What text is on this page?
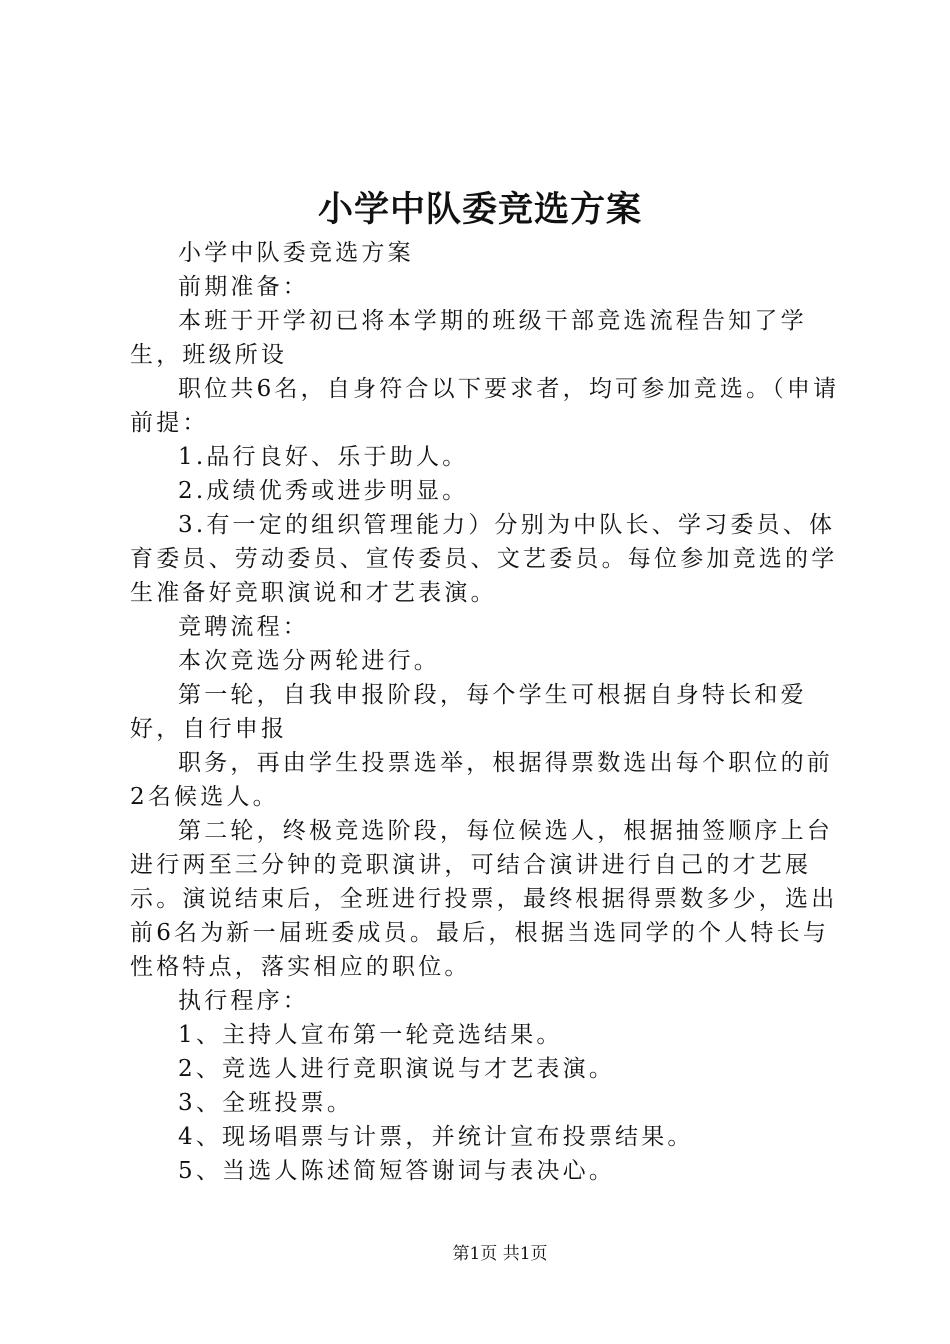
小学中队委竞选方案

小学中队委竞选方案

前期准备：

本班于开学初已将本学期的班级干部竞选流程告知了学生，班级所设

职位共6名，自身符合以下要求者，均可参加竞选。（申请前提：

1.品行良好、乐于助人。

2.成绩优秀或进步明显。

3.有一定的组织管理能力）分别为中队长、学习委员、体育委员、劳动委员、宣传委员、文艺委员。每位参加竞选的学生准备好竞职演说和才艺表演。

竞聘流程：

本次竞选分两轮进行。

第一轮，自我申报阶段，每个学生可根据自身特长和爱好，自行申报

职务，再由学生投票选举，根据得票数选出每个职位的前2名候选人。

第二轮，终极竞选阶段，每位候选人，根据抽签顺序上台进行两至三分钟的竞职演讲，可结合演讲进行自己的才艺展示。演说结束后，全班进行投票，最终根据得票数多少，选出前6名为新一届班委成员。最后，根据当选同学的个人特长与性格特点，落实相应的职位。

执行程序：

1、主持人宣布第一轮竞选结果。

2、竞选人进行竞职演说与才艺表演。

3、全班投票。

4、现场唱票与计票，并统计宣布投票结果。

5、当选人陈述简短答谢词与表决心。

第1页 共1页
